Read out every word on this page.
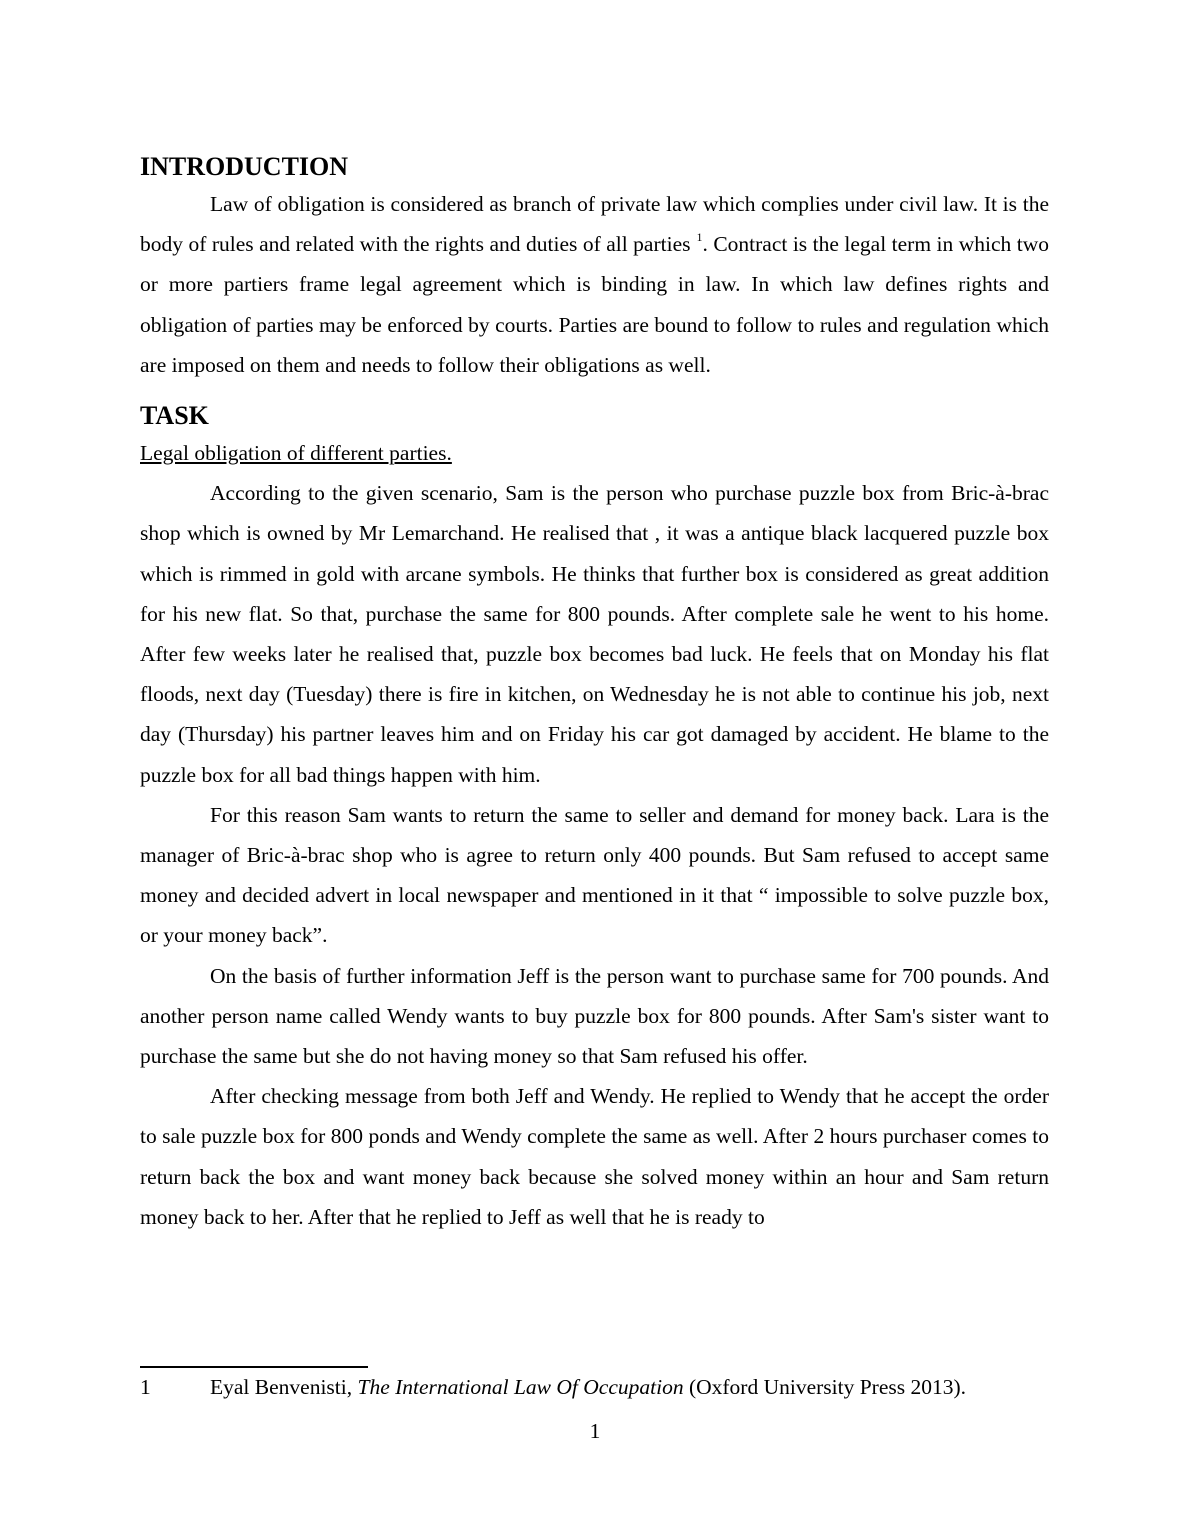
INTRODUCTION

Law of obligation is considered as branch of private law which complies under civil law. It is the body of rules and related with the rights and duties of all parties $^1$. Contract is the legal term in which two or more partiers frame legal agreement which is binding in law. In which law defines rights and obligation of parties may be enforced by courts. Parties are bound to follow to rules and regulation which are imposed on them and needs to follow their obligations as well.

TASK

Legal obligation of different parties.

According to the given scenario, Sam is the person who purchase puzzle box from Bric-à-brac shop which is owned by Mr Lemarchand. He realised that , it was a antique black lacquered puzzle box which is rimmed in gold with arcane symbols. He thinks that further box is considered as great addition for his new flat. So that, purchase the same for 800 pounds. After complete sale he went to his home. After few weeks later he realised that, puzzle box becomes bad luck. He feels that on Monday his flat floods, next day (Tuesday) there is fire in kitchen, on Wednesday he is not able to continue his job, next day (Thursday) his partner leaves him and on Friday his car got damaged by accident. He blame to the puzzle box for all bad things happen with him.

For this reason Sam wants to return the same to seller and demand for money back. Lara is the manager of Bric-à-brac shop who is agree to return only 400 pounds. But Sam refused to accept same money and decided advert in local newspaper and mentioned in it that “ impossible to solve puzzle box, or your money back”.

On the basis of further information Jeff is the person want to purchase same for 700 pounds. And another person name called Wendy wants to buy puzzle box for 800 pounds. After Sam's sister want to purchase the same but she do not having money so that Sam refused his offer.

After checking message from both Jeff and Wendy. He replied to Wendy that he accept the order to sale puzzle box for 800 ponds and Wendy complete the same as well. After 2 hours purchaser comes to return back the box and want money back because she solved money within an hour and Sam return money back to her. After that he replied to Jeff as well that he is ready to

1	Eyal Benvenisti, The International Law Of Occupation (Oxford University Press 2013).
1
